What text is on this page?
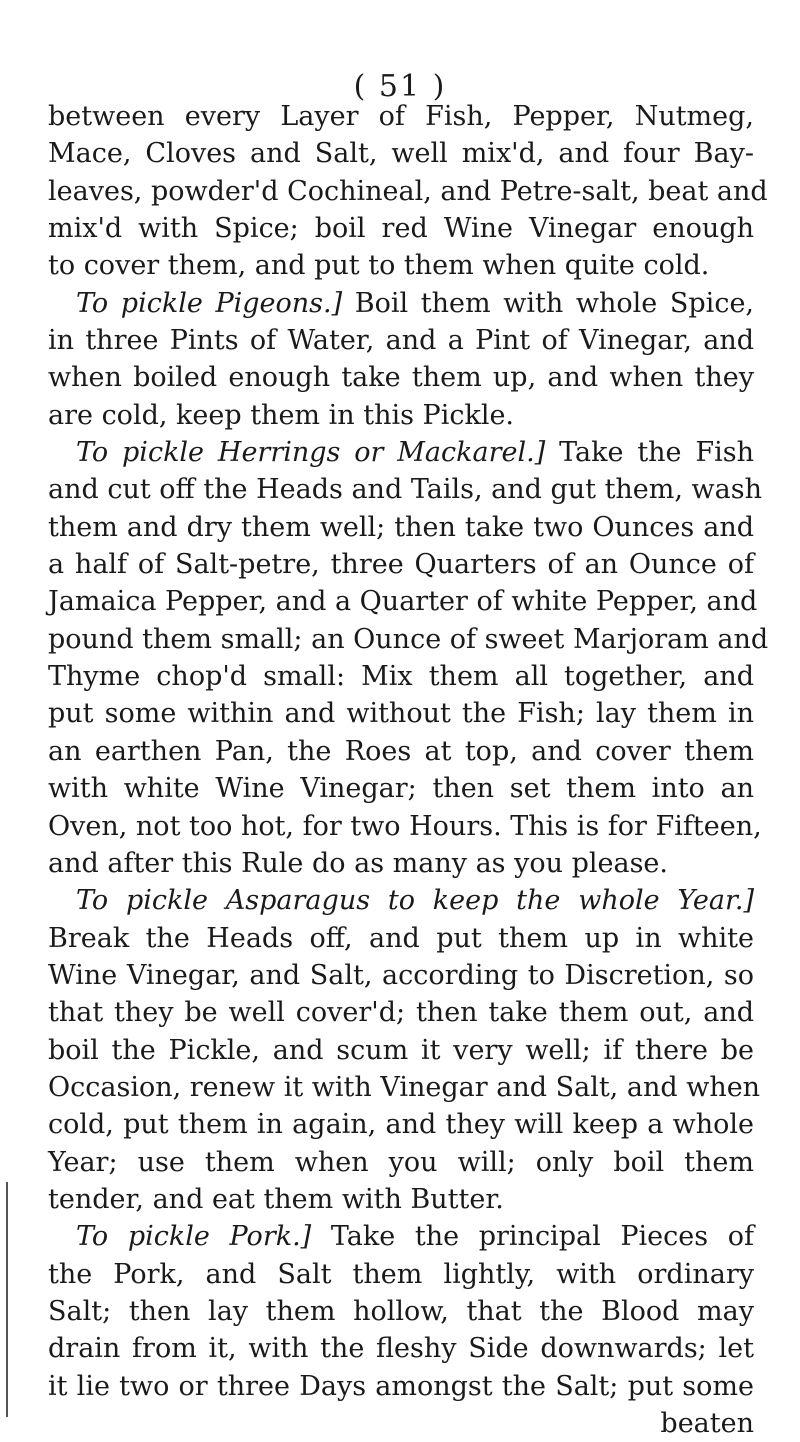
( 51 )
between every Layer of Fish, Pepper, Nutmeg,
Mace, Cloves and Salt, well mix'd, and four Bay-
leaves, powder'd Cochineal, and Petre-salt, beat and
mix'd with Spice; boil red Wine Vinegar enough
to cover them, and put to them when quite cold.
To pickle Pigeons.] Boil them with whole Spice,
in three Pints of Water, and a Pint of Vinegar, and
when boiled enough take them up, and when they
are cold, keep them in this Pickle.
To pickle Herrings or Mackarel.] Take the Fish
and cut off the Heads and Tails, and gut them, wash
them and dry them well; then take two Ounces and
a half of Salt-petre, three Quarters of an Ounce of
Jamaica Pepper, and a Quarter of white Pepper, and
pound them small; an Ounce of sweet Marjoram and
Thyme chop'd small: Mix them all together, and
put some within and without the Fish; lay them in
an earthen Pan, the Roes at top, and cover them
with white Wine Vinegar; then set them into an
Oven, not too hot, for two Hours. This is for Fifteen,
and after this Rule do as many as you please.
To pickle Asparagus to keep the whole Year.]
Break the Heads off, and put them up in white
Wine Vinegar, and Salt, according to Discretion, so
that they be well cover'd; then take them out, and
boil the Pickle, and scum it very well; if there be
Occasion, renew it with Vinegar and Salt, and when
cold, put them in again, and they will keep a whole
Year; use them when you will; only boil them
tender, and eat them with Butter.
To pickle Pork.] Take the principal Pieces of
the Pork, and Salt them lightly, with ordinary
Salt; then lay them hollow, that the Blood may
drain from it, with the fleshy Side downwards; let
it lie two or three Days amongst the Salt; put some
beaten
